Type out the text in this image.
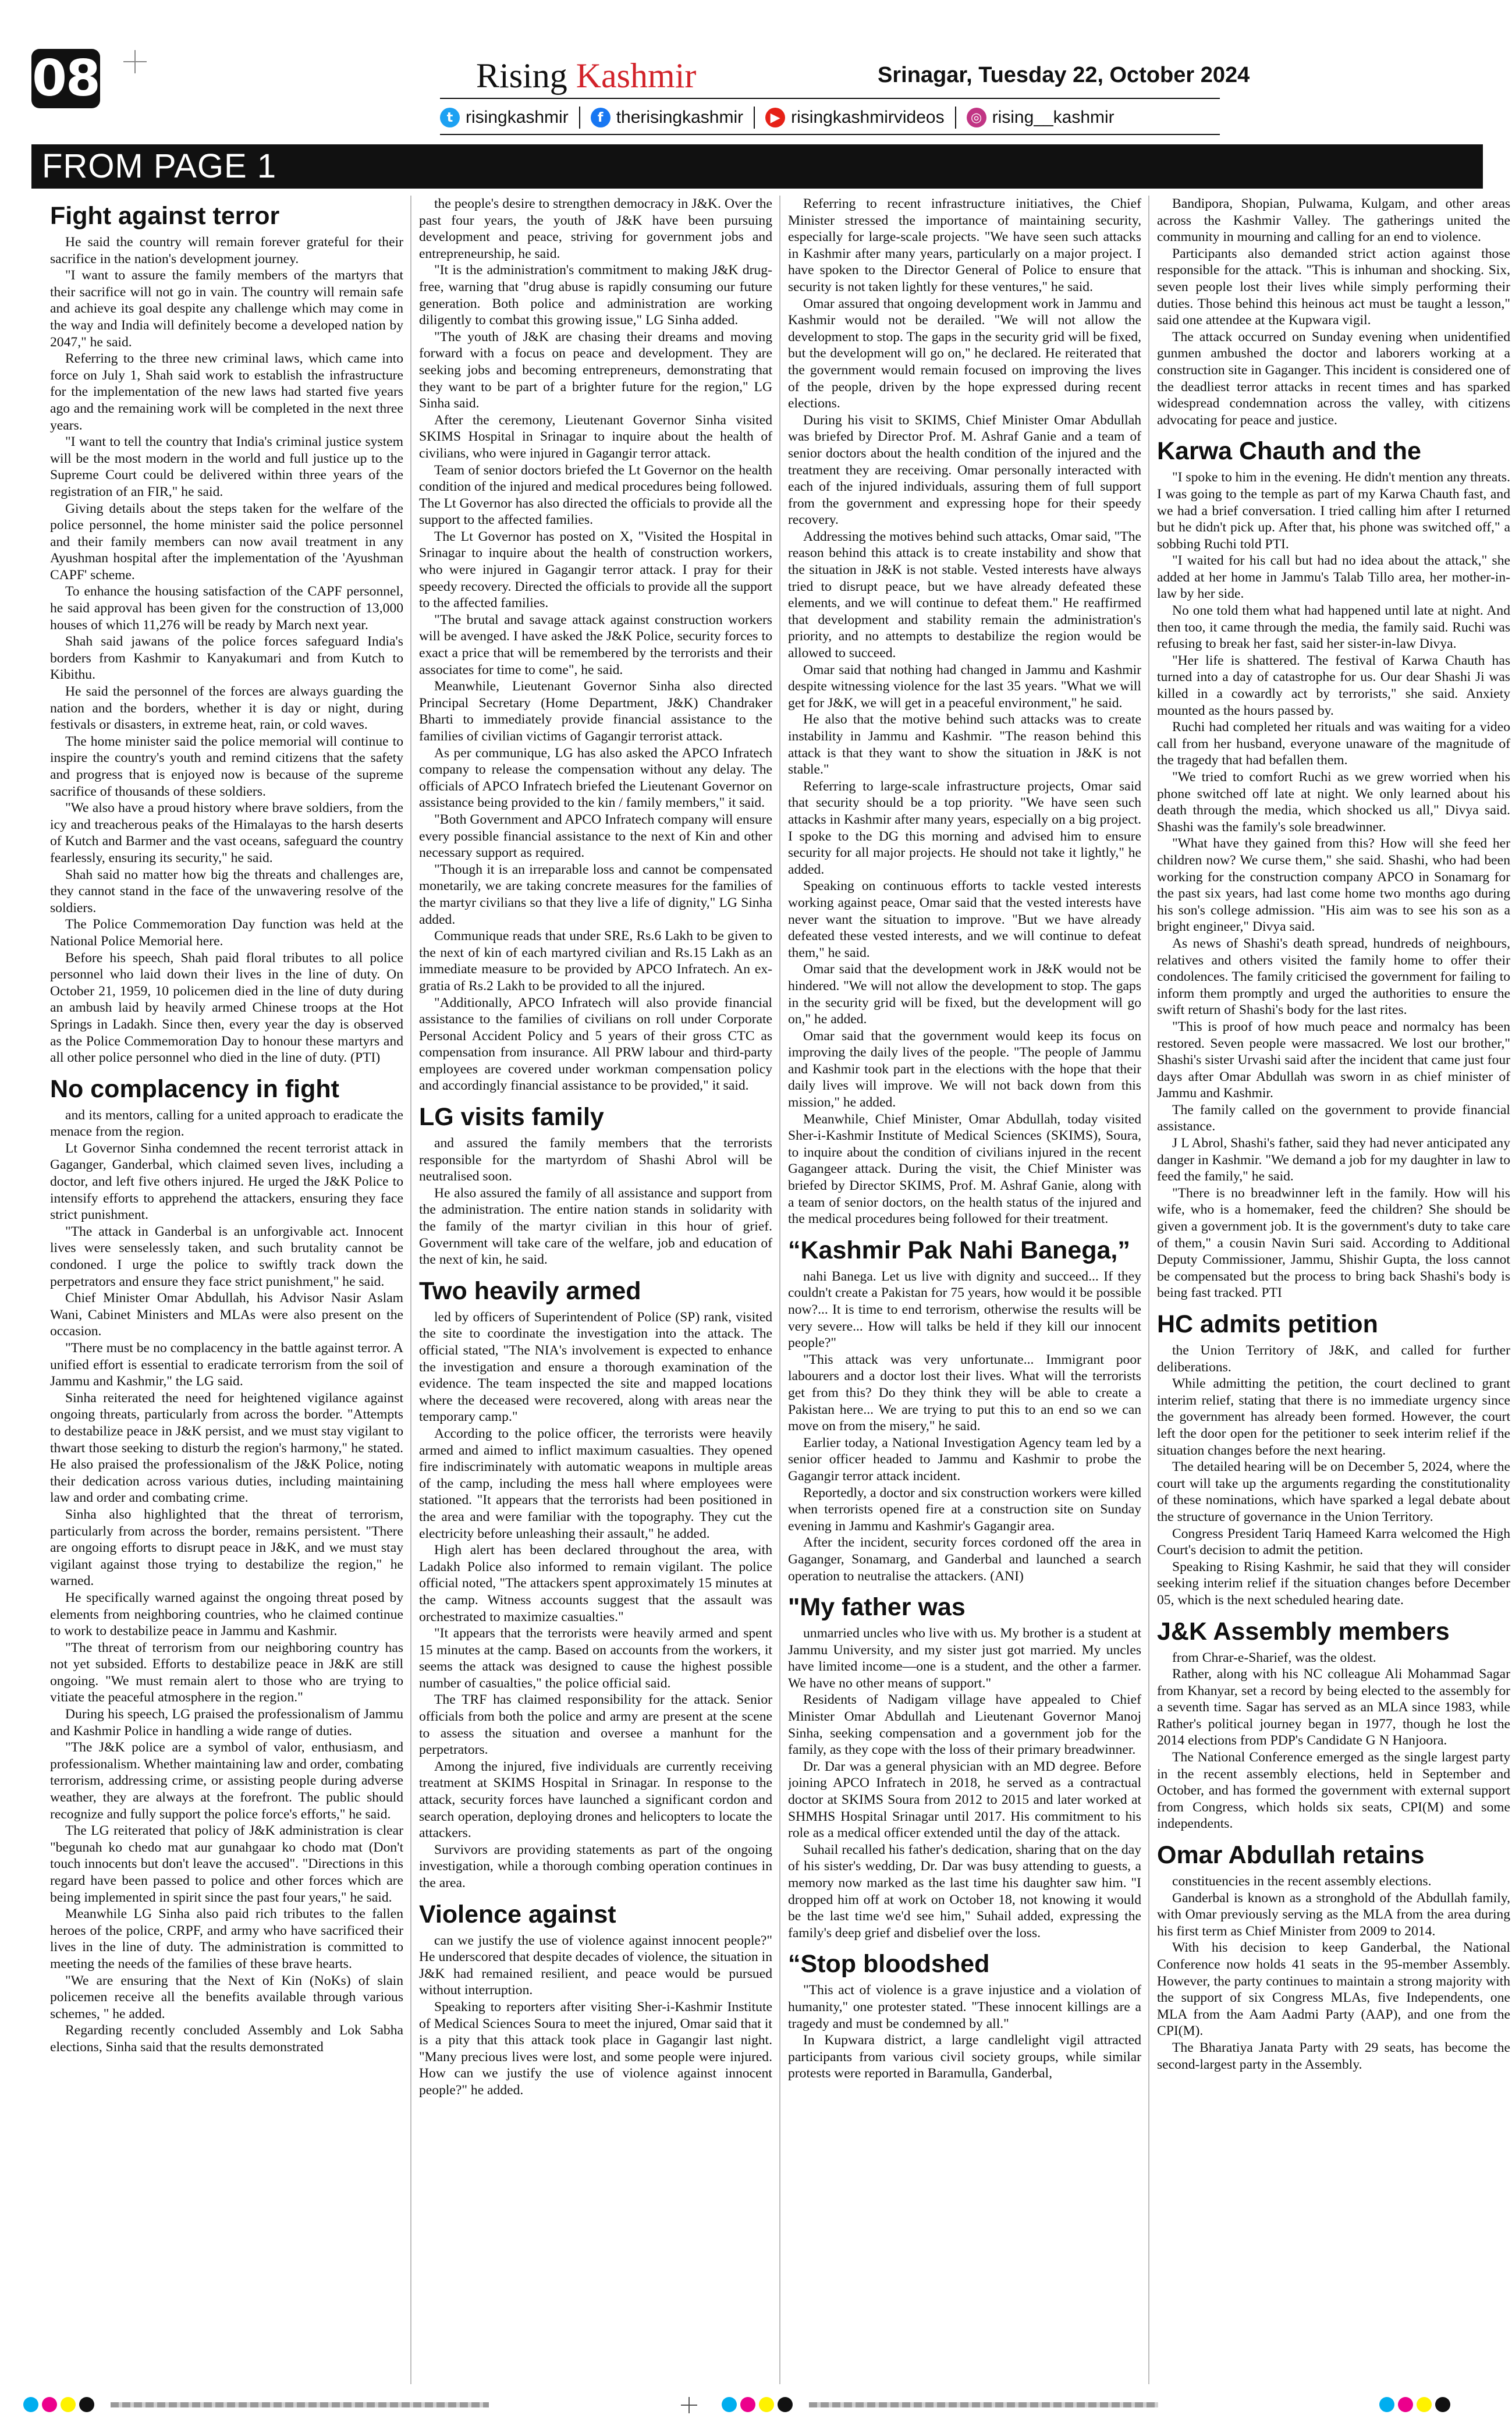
08	Rising Kashmir	Srinagar, Tuesday 22, October 2024
t risingkashmir	f therisingkashmir	▶ risingkashmirvideos	◎ rising__kashmir
FROM PAGE 1
Fight against terror

He said the country will remain forever grateful for their sacrifice in the nation's development journey.

"I want to assure the family members of the martyrs that their sacrifice will not go in vain. The country will remain safe and achieve its goal despite any challenge which may come in the way and India will definitely become a developed nation by 2047," he said.

Referring to the three new criminal laws, which came into force on July 1, Shah said work to establish the infrastructure for the implementation of the new laws had started five years ago and the remaining work will be completed in the next three years.

"I want to tell the country that India's criminal justice system will be the most modern in the world and full justice up to the Supreme Court could be delivered within three years of the registration of an FIR," he said.

Giving details about the steps taken for the welfare of the police personnel, the home minister said the police personnel and their family members can now avail treatment in any Ayushman hospital after the implementation of the 'Ayushman CAPF' scheme.

To enhance the housing satisfaction of the CAPF personnel, he said approval has been given for the construction of 13,000 houses of which 11,276 will be ready by March next year.

Shah said jawans of the police forces safeguard India's borders from Kashmir to Kanyakumari and from Kutch to Kibithu.

He said the personnel of the forces are always guarding the nation and the borders, whether it is day or night, during festivals or disasters, in extreme heat, rain, or cold waves.

The home minister said the police memorial will continue to inspire the country's youth and remind citizens that the safety and progress that is enjoyed now is because of the supreme sacrifice of thousands of these soldiers.

"We also have a proud history where brave soldiers, from the icy and treacherous peaks of the Himalayas to the harsh deserts of Kutch and Barmer and the vast oceans, safeguard the country fearlessly, ensuring its security," he said.

Shah said no matter how big the threats and challenges are, they cannot stand in the face of the unwavering resolve of the soldiers.

The Police Commemoration Day function was held at the National Police Memorial here.

Before his speech, Shah paid floral tributes to all police personnel who laid down their lives in the line of duty. On October 21, 1959, 10 policemen died in the line of duty during an ambush laid by heavily armed Chinese troops at the Hot Springs in Ladakh. Since then, every year the day is observed as the Police Commemoration Day to honour these martyrs and all other police personnel who died in the line of duty. (PTI)

No complacency in fight

and its mentors, calling for a united approach to eradicate the menace from the region.

Lt Governor Sinha condemned the recent terrorist attack in Gaganger, Ganderbal, which claimed seven lives, including a doctor, and left five others injured. He urged the J&K Police to intensify efforts to apprehend the attackers, ensuring they face strict punishment.

"The attack in Ganderbal is an unforgivable act. Innocent lives were senselessly taken, and such brutality cannot be condoned. I urge the police to swiftly track down the perpetrators and ensure they face strict punishment," he said.

Chief Minister Omar Abdullah, his Advisor Nasir Aslam Wani, Cabinet Ministers and MLAs were also present on the occasion.

"There must be no complacency in the battle against terror. A unified effort is essential to eradicate terrorism from the soil of Jammu and Kashmir," the LG said.

Sinha reiterated the need for heightened vigilance against ongoing threats, particularly from across the border. "Attempts to destabilize peace in J&K persist, and we must stay vigilant to thwart those seeking to disturb the region's harmony," he stated. He also praised the professionalism of the J&K Police, noting their dedication across various duties, including maintaining law and order and combating crime.

Sinha also highlighted that the threat of terrorism, particularly from across the border, remains persistent. "There are ongoing efforts to disrupt peace in J&K, and we must stay vigilant against those trying to destabilize the region," he warned.

He specifically warned against the ongoing threat posed by elements from neighboring countries, who he claimed continue to work to destabilize peace in Jammu and Kashmir.

"The threat of terrorism from our neighboring country has not yet subsided. Efforts to destabilize peace in J&K are still ongoing. "We must remain alert to those who are trying to vitiate the peaceful atmosphere in the region."

During his speech, LG praised the professionalism of Jammu and Kashmir Police in handling a wide range of duties.

"The J&K police are a symbol of valor, enthusiasm, and professionalism. Whether maintaining law and order, combating terrorism, addressing crime, or assisting people during adverse weather, they are always at the forefront. The public should recognize and fully support the police force's efforts," he said.

The LG reiterated that policy of J&K administration is clear "begunah ko chedo mat aur gunahgaar ko chodo mat (Don't touch innocents but don't leave the accused". "Directions in this regard have been passed to police and other forces which are being implemented in spirit since the past four years," he said.

Meanwhile LG Sinha also paid rich tributes to the fallen heroes of the police, CRPF, and army who have sacrificed their lives in the line of duty. The administration is committed to meeting the needs of the families of these brave hearts.

"We are ensuring that the Next of Kin (NoKs) of slain policemen receive all the benefits available through various schemes, " he added.

Regarding recently concluded Assembly and Lok Sabha elections, Sinha said that the results demonstrated

the people's desire to strengthen democracy in J&K. Over the past four years, the youth of J&K have been pursuing development and peace, striving for government jobs and entrepreneurship, he said.

"It is the administration's commitment to making J&K drug-free, warning that "drug abuse is rapidly consuming our future generation. Both police and administration are working diligently to combat this growing issue," LG Sinha added.

"The youth of J&K are chasing their dreams and moving forward with a focus on peace and development. They are seeking jobs and becoming entrepreneurs, demonstrating that they want to be part of a brighter future for the region," LG Sinha said.

After the ceremony, Lieutenant Governor Sinha visited SKIMS Hospital in Srinagar to inquire about the health of civilians, who were injured in Gagangir terror attack.

Team of senior doctors briefed the Lt Governor on the health condition of the injured and medical procedures being followed. The Lt Governor has also directed the officials to provide all the support to the affected families.

The Lt Governor has posted on X, "Visited the Hospital in Srinagar to inquire about the health of construction workers, who were injured in Gagangir terror attack. I pray for their speedy recovery. Directed the officials to provide all the support to the affected families.

"The brutal and savage attack against construction workers will be avenged. I have asked the J&K Police, security forces to exact a price that will be remembered by the terrorists and their associates for time to come", he said.

Meanwhile, Lieutenant Governor Sinha also directed Principal Secretary (Home Department, J&K) Chandraker Bharti to immediately provide financial assistance to the families of civilian victims of Gagangir terrorist attack.

As per communique, LG has also asked the APCO Infratech company to release the compensation without any delay. The officials of APCO Infratech briefed the Lieutenant Governor on assistance being provided to the kin / family members," it said.

"Both Government and APCO Infratech company will ensure every possible financial assistance to the next of Kin and other necessary support as required.

"Though it is an irreparable loss and cannot be compensated monetarily, we are taking concrete measures for the families of the martyr civilians so that they live a life of dignity," LG Sinha added.

Communique reads that under SRE, Rs.6 Lakh to be given to the next of kin of each martyred civilian and Rs.15 Lakh as an immediate measure to be provided by APCO Infratech. An ex-gratia of Rs.2 Lakh to be provided to all the injured.

"Additionally, APCO Infratech will also provide financial assistance to the families of civilians on roll under Corporate Personal Accident Policy and 5 years of their gross CTC as compensation from insurance. All PRW labour and third-party employees are covered under workman compensation policy and accordingly financial assistance to be provided," it said.

LG visits family

and assured the family members that the terrorists responsible for the martyrdom of Shashi Abrol will be neutralised soon.

He also assured the family of all assistance and support from the administration. The entire nation stands in solidarity with the family of the martyr civilian in this hour of grief. Government will take care of the welfare, job and education of the next of kin, he said.

Two heavily armed

led by officers of Superintendent of Police (SP) rank, visited the site to coordinate the investigation into the attack. The official stated, "The NIA's involvement is expected to enhance the investigation and ensure a thorough examination of the evidence. The team inspected the site and mapped locations where the deceased were recovered, along with areas near the temporary camp."

According to the police officer, the terrorists were heavily armed and aimed to inflict maximum casualties. They opened fire indiscriminately with automatic weapons in multiple areas of the camp, including the mess hall where employees were stationed. "It appears that the terrorists had been positioned in the area and were familiar with the topography. They cut the electricity before unleashing their assault," he added.

High alert has been declared throughout the area, with Ladakh Police also informed to remain vigilant. The police official noted, "The attackers spent approximately 15 minutes at the camp. Witness accounts suggest that the assault was orchestrated to maximize casualties."

"It appears that the terrorists were heavily armed and spent 15 minutes at the camp. Based on accounts from the workers, it seems the attack was designed to cause the highest possible number of casualties," the police official said.

The TRF has claimed responsibility for the attack. Senior officials from both the police and army are present at the scene to assess the situation and oversee a manhunt for the perpetrators.

Among the injured, five individuals are currently receiving treatment at SKIMS Hospital in Srinagar. In response to the attack, security forces have launched a significant cordon and search operation, deploying drones and helicopters to locate the attackers.

Survivors are providing statements as part of the ongoing investigation, while a thorough combing operation continues in the area.

Violence against

can we justify the use of violence against innocent people?" He underscored that despite decades of violence, the situation in J&K had remained resilient, and peace would be pursued without interruption.

Speaking to reporters after visiting Sher-i-Kashmir Institute of Medical Sciences Soura to meet the injured, Omar said that it is a pity that this attack took place in Gagangir last night. "Many precious lives were lost, and some people were injured. How can we justify the use of violence against innocent people?" he added.

Referring to recent infrastructure initiatives, the Chief Minister stressed the importance of maintaining security, especially for large-scale projects. "We have seen such attacks in Kashmir after many years, particularly on a major project. I have spoken to the Director General of Police to ensure that security is not taken lightly for these ventures," he said.

Omar assured that ongoing development work in Jammu and Kashmir would not be derailed. "We will not allow the development to stop. The gaps in the security grid will be fixed, but the development will go on," he declared. He reiterated that the government would remain focused on improving the lives of the people, driven by the hope expressed during recent elections.

During his visit to SKIMS, Chief Minister Omar Abdullah was briefed by Director Prof. M. Ashraf Ganie and a team of senior doctors about the health condition of the injured and the treatment they are receiving. Omar personally interacted with each of the injured individuals, assuring them of full support from the government and expressing hope for their speedy recovery.

Addressing the motives behind such attacks, Omar said, "The reason behind this attack is to create instability and show that the situation in J&K is not stable. Vested interests have always tried to disrupt peace, but we have already defeated these elements, and we will continue to defeat them." He reaffirmed that development and stability remain the administration's priority, and no attempts to destabilize the region would be allowed to succeed.

Omar said that nothing had changed in Jammu and Kashmir despite witnessing violence for the last 35 years. "What we will get for J&K, we will get in a peaceful environment," he said.

He also that the motive behind such attacks was to create instability in Jammu and Kashmir. "The reason behind this attack is that they want to show the situation in J&K is not stable."

Referring to large-scale infrastructure projects, Omar said that security should be a top priority. "We have seen such attacks in Kashmir after many years, especially on a big project. I spoke to the DG this morning and advised him to ensure security for all major projects. He should not take it lightly," he added.

Speaking on continuous efforts to tackle vested interests working against peace, Omar said that the vested interests have never want the situation to improve. "But we have already defeated these vested interests, and we will continue to defeat them," he said.

Omar said that the development work in J&K would not be hindered. "We will not allow the development to stop. The gaps in the security grid will be fixed, but the development will go on," he added.

Omar said that the government would keep its focus on improving the daily lives of the people. "The people of Jammu and Kashmir took part in the elections with the hope that their daily lives will improve. We will not back down from this mission," he added.

Meanwhile, Chief Minister, Omar Abdullah, today visited Sher-i-Kashmir Institute of Medical Sciences (SKIMS), Soura, to inquire about the condition of civilians injured in the recent Gagangeer attack. During the visit, the Chief Minister was briefed by Director SKIMS, Prof. M. Ashraf Ganie, along with a team of senior doctors, on the health status of the injured and the medical procedures being followed for their treatment.

“Kashmir Pak Nahi Banega,”

nahi Banega. Let us live with dignity and succeed... If they couldn't create a Pakistan for 75 years, how would it be possible now?... It is time to end terrorism, otherwise the results will be very severe... How will talks be held if they kill our innocent people?"

"This attack was very unfortunate... Immigrant poor labourers and a doctor lost their lives. What will the terrorists get from this? Do they think they will be able to create a Pakistan here... We are trying to put this to an end so we can move on from the misery," he said.

Earlier today, a National Investigation Agency team led by a senior officer headed to Jammu and Kashmir to probe the Gagangir terror attack incident.

Reportedly, a doctor and six construction workers were killed when terrorists opened fire at a construction site on Sunday evening in Jammu and Kashmir's Gagangir area.

After the incident, security forces cordoned off the area in Gaganger, Sonamarg, and Ganderbal and launched a search operation to neutralise the attackers. (ANI)

"My father was

unmarried uncles who live with us. My brother is a student at Jammu University, and my sister just got married. My uncles have limited income—one is a student, and the other a farmer. We have no other means of support."

Residents of Nadigam village have appealed to Chief Minister Omar Abdullah and Lieutenant Governor Manoj Sinha, seeking compensation and a government job for the family, as they cope with the loss of their primary breadwinner.

Dr. Dar was a general physician with an MD degree. Before joining APCO Infratech in 2018, he served as a contractual doctor at SKIMS Soura from 2012 to 2015 and later worked at SHMHS Hospital Srinagar until 2017. His commitment to his role as a medical officer extended until the day of the attack.

Suhail recalled his father's dedication, sharing that on the day of his sister's wedding, Dr. Dar was busy attending to guests, a memory now marked as the last time his daughter saw him. "I dropped him off at work on October 18, not knowing it would be the last time we'd see him," Suhail added, expressing the family's deep grief and disbelief over the loss.

“Stop bloodshed

"This act of violence is a grave injustice and a violation of humanity," one protester stated. "These innocent killings are a tragedy and must be condemned by all."

In Kupwara district, a large candlelight vigil attracted participants from various civil society groups, while similar protests were reported in Baramulla, Ganderbal,

Bandipora, Shopian, Pulwama, Kulgam, and other areas across the Kashmir Valley. The gatherings united the community in mourning and calling for an end to violence.

Participants also demanded strict action against those responsible for the attack. "This is inhuman and shocking. Six, seven people lost their lives while simply performing their duties. Those behind this heinous act must be taught a lesson," said one attendee at the Kupwara vigil.

The attack occurred on Sunday evening when unidentified gunmen ambushed the doctor and laborers working at a construction site in Gaganger. This incident is considered one of the deadliest terror attacks in recent times and has sparked widespread condemnation across the valley, with citizens advocating for peace and justice.

Karwa Chauth and the

"I spoke to him in the evening. He didn't mention any threats. I was going to the temple as part of my Karwa Chauth fast, and we had a brief conversation. I tried calling him after I returned but he didn't pick up. After that, his phone was switched off," a sobbing Ruchi told PTI.

"I waited for his call but had no idea about the attack," she added at her home in Jammu's Talab Tillo area, her mother-in-law by her side.

No one told them what had happened until late at night. And then too, it came through the media, the family said. Ruchi was refusing to break her fast, said her sister-in-law Divya.

"Her life is shattered. The festival of Karwa Chauth has turned into a day of catastrophe for us. Our dear Shashi Ji was killed in a cowardly act by terrorists," she said. Anxiety mounted as the hours passed by.

Ruchi had completed her rituals and was waiting for a video call from her husband, everyone unaware of the magnitude of the tragedy that had befallen them.

"We tried to comfort Ruchi as we grew worried when his phone switched off late at night. We only learned about his death through the media, which shocked us all," Divya said. Shashi was the family's sole breadwinner.

"What have they gained from this? How will she feed her children now? We curse them," she said. Shashi, who had been working for the construction company APCO in Sonamarg for the past six years, had last come home two months ago during his son's college admission. "His aim was to see his son as a bright engineer," Divya said.

As news of Shashi's death spread, hundreds of neighbours, relatives and others visited the family home to offer their condolences. The family criticised the government for failing to inform them promptly and urged the authorities to ensure the swift return of Shashi's body for the last rites.

"This is proof of how much peace and normalcy has been restored. Seven people were massacred. We lost our brother," Shashi's sister Urvashi said after the incident that came just four days after Omar Abdullah was sworn in as chief minister of Jammu and Kashmir.

The family called on the government to provide financial assistance.

J L Abrol, Shashi's father, said they had never anticipated any danger in Kashmir. "We demand a job for my daughter in law to feed the family," he said.

"There is no breadwinner left in the family. How will his wife, who is a homemaker, feed the children? She should be given a government job. It is the government's duty to take care of them," a cousin Navin Suri said. According to Additional Deputy Commissioner, Jammu, Shishir Gupta, the loss cannot be compensated but the process to bring back Shashi's body is being fast tracked. PTI

HC admits petition

the Union Territory of J&K, and called for further deliberations.

While admitting the petition, the court declined to grant interim relief, stating that there is no immediate urgency since the government has already been formed. However, the court left the door open for the petitioner to seek interim relief if the situation changes before the next hearing.

The detailed hearing will be on December 5, 2024, where the court will take up the arguments regarding the constitutionality of these nominations, which have sparked a legal debate about the structure of governance in the Union Territory.

Congress President Tariq Hameed Karra welcomed the High Court's decision to admit the petition.

Speaking to Rising Kashmir, he said that they will consider seeking interim relief if the situation changes before December 05, which is the next scheduled hearing date.

J&K Assembly members

from Chrar-e-Sharief, was the oldest.

Rather, along with his NC colleague Ali Mohammad Sagar from Khanyar, set a record by being elected to the assembly for a seventh time. Sagar has served as an MLA since 1983, while Rather's political journey began in 1977, though he lost the 2014 elections from PDP's Candidate G N Hanjoora.

The National Conference emerged as the single largest party in the recent assembly elections, held in September and October, and has formed the government with external support from Congress, which holds six seats, CPI(M) and some independents.

Omar Abdullah retains

constituencies in the recent assembly elections.

Ganderbal is known as a stronghold of the Abdullah family, with Omar previously serving as the MLA from the area during his first term as Chief Minister from 2009 to 2014.

With his decision to keep Ganderbal, the National Conference now holds 41 seats in the 95-member Assembly. However, the party continues to maintain a strong majority with the support of six Congress MLAs, five Independents, one MLA from the Aam Aadmi Party (AAP), and one from the CPI(M).

The Bharatiya Janata Party with 29 seats, has become the second-largest party in the Assembly.
